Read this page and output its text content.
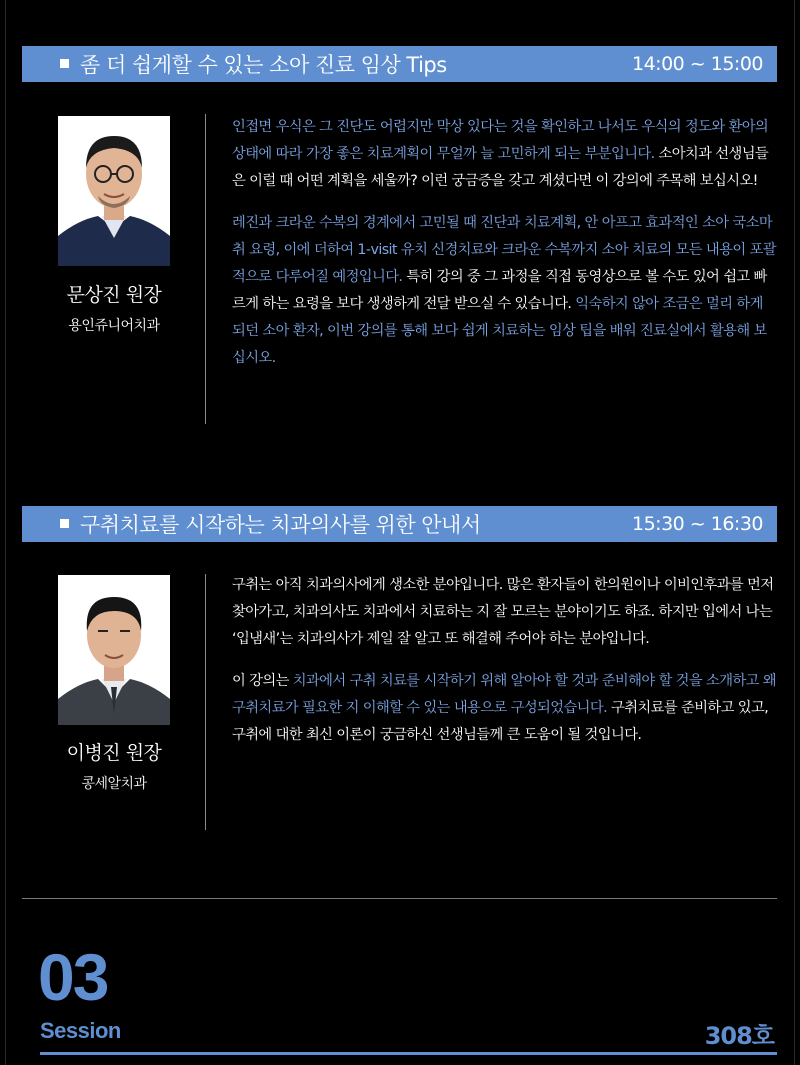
좀 더 쉽게할 수 있는 소아 진료 임상 Tips	14:00 ~ 15:00
문상진 원장
용인쥬니어치과

인접면 우식은 그 진단도 어렵지만 막상 있다는 것을 확인하고 나서도 우식의 정도와 환아의 상태에 따라 가장 좋은 치료계획이 무얼까 늘 고민하게 되는 부분입니다. 소아치과 선생님들은 이럴 때 어떤 계획을 세울까? 이런 궁금증을 갖고 계셨다면 이 강의에 주목해 보십시오!

레진과 크라운 수복의 경계에서 고민될 때 진단과 치료계획, 안 아프고 효과적인 소아 국소마취 요령, 이에 더하여 1-visit 유치 신경치료와 크라운 수복까지 소아 치료의 모든 내용이 포괄적으로 다루어질 예정입니다. 특히 강의 중 그 과정을 직접 동영상으로 볼 수도 있어 쉽고 빠르게 하는 요령을 보다 생생하게 전달 받으실 수 있습니다. 익숙하지 않아 조금은 멀리 하게 되던 소아 환자, 이번 강의를 통해 보다 쉽게 치료하는 임상 팁을 배워 진료실에서 활용해 보십시오.

구취치료를 시작하는 치과의사를 위한 안내서	15:30 ~ 16:30
이병진 원장
콩세알치과

구취는 아직 치과의사에게 생소한 분야입니다. 많은 환자들이 한의원이나 이비인후과를 먼저 찾아가고, 치과의사도 치과에서 치료하는 지 잘 모르는 분야이기도 하죠. 하지만 입에서 나는 ‘입냄새’는 치과의사가 제일 잘 알고 또 해결해 주어야 하는 분야입니다.

이 강의는 치과에서 구취 치료를 시작하기 위해 알아야 할 것과 준비해야 할 것을 소개하고 왜 구취치료가 필요한 지 이해할 수 있는 내용으로 구성되었습니다. 구취치료를 준비하고 있고, 구취에 대한 최신 이론이 궁금하신 선생님들께 큰 도움이 될 것입니다.

03
Session	308호
